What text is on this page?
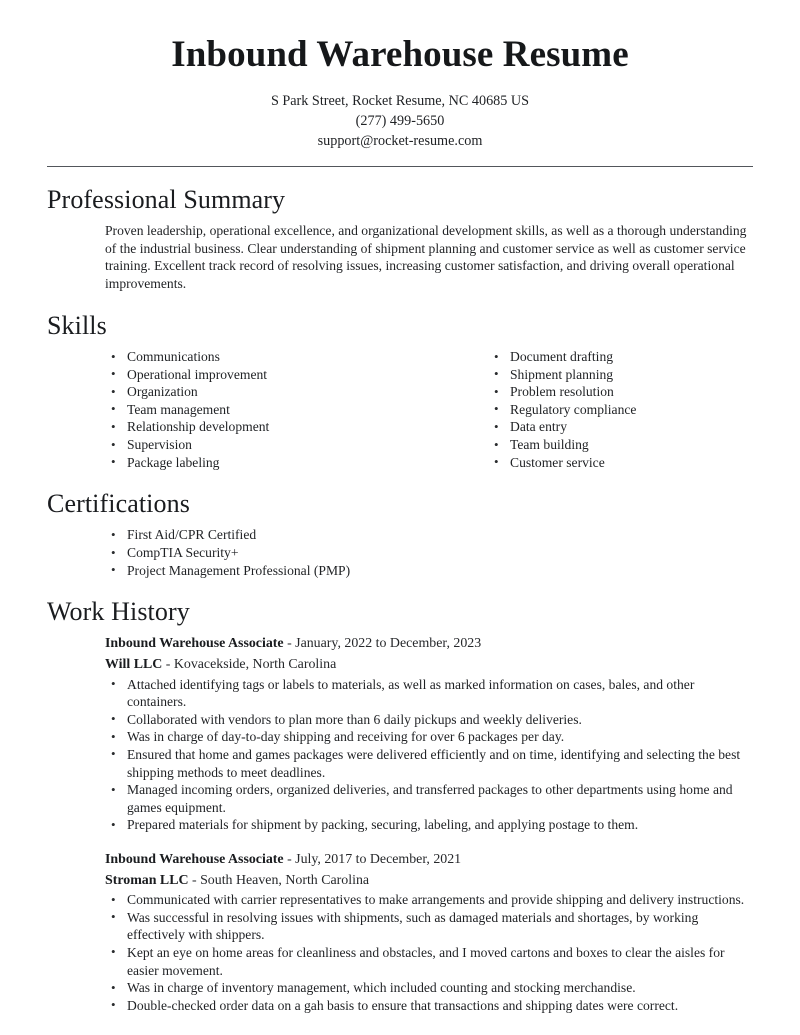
Inbound Warehouse Resume
S Park Street, Rocket Resume, NC 40685 US
(277) 499-5650
support@rocket-resume.com
Professional Summary

Proven leadership, operational excellence, and organizational development skills, as well as a thorough understanding of the industrial business. Clear understanding of shipment planning and customer service as well as customer service training. Excellent track record of resolving issues, increasing customer satisfaction, and driving overall operational improvements.

Skills
• Communications
• Operational improvement
• Organization
• Team management
• Relationship development
• Supervision
• Package labeling
• Document drafting
• Shipment planning
• Problem resolution
• Regulatory compliance
• Data entry
• Team building
• Customer service
Certifications
• First Aid/CPR Certified
• CompTIA Security+
• Project Management Professional (PMP)
Work History
Inbound Warehouse Associate - January, 2022 to December, 2023
Will LLC - Kovacekside, North Carolina
• Attached identifying tags or labels to materials, as well as marked information on cases, bales, and other containers.
• Collaborated with vendors to plan more than 6 daily pickups and weekly deliveries.
• Was in charge of day-to-day shipping and receiving for over 6 packages per day.
• Ensured that home and games packages were delivered efficiently and on time, identifying and selecting the best shipping methods to meet deadlines.
• Managed incoming orders, organized deliveries, and transferred packages to other departments using home and games equipment.
• Prepared materials for shipment by packing, securing, labeling, and applying postage to them.
Inbound Warehouse Associate - July, 2017 to December, 2021
Stroman LLC - South Heaven, North Carolina
• Communicated with carrier representatives to make arrangements and provide shipping and delivery instructions.
• Was successful in resolving issues with shipments, such as damaged materials and shortages, by working effectively with shippers.
• Kept an eye on home areas for cleanliness and obstacles, and I moved cartons and boxes to clear the aisles for easier movement.
• Was in charge of inventory management, which included counting and stocking merchandise.
• Double-checked order data on a gah basis to ensure that transactions and shipping dates were correct.
